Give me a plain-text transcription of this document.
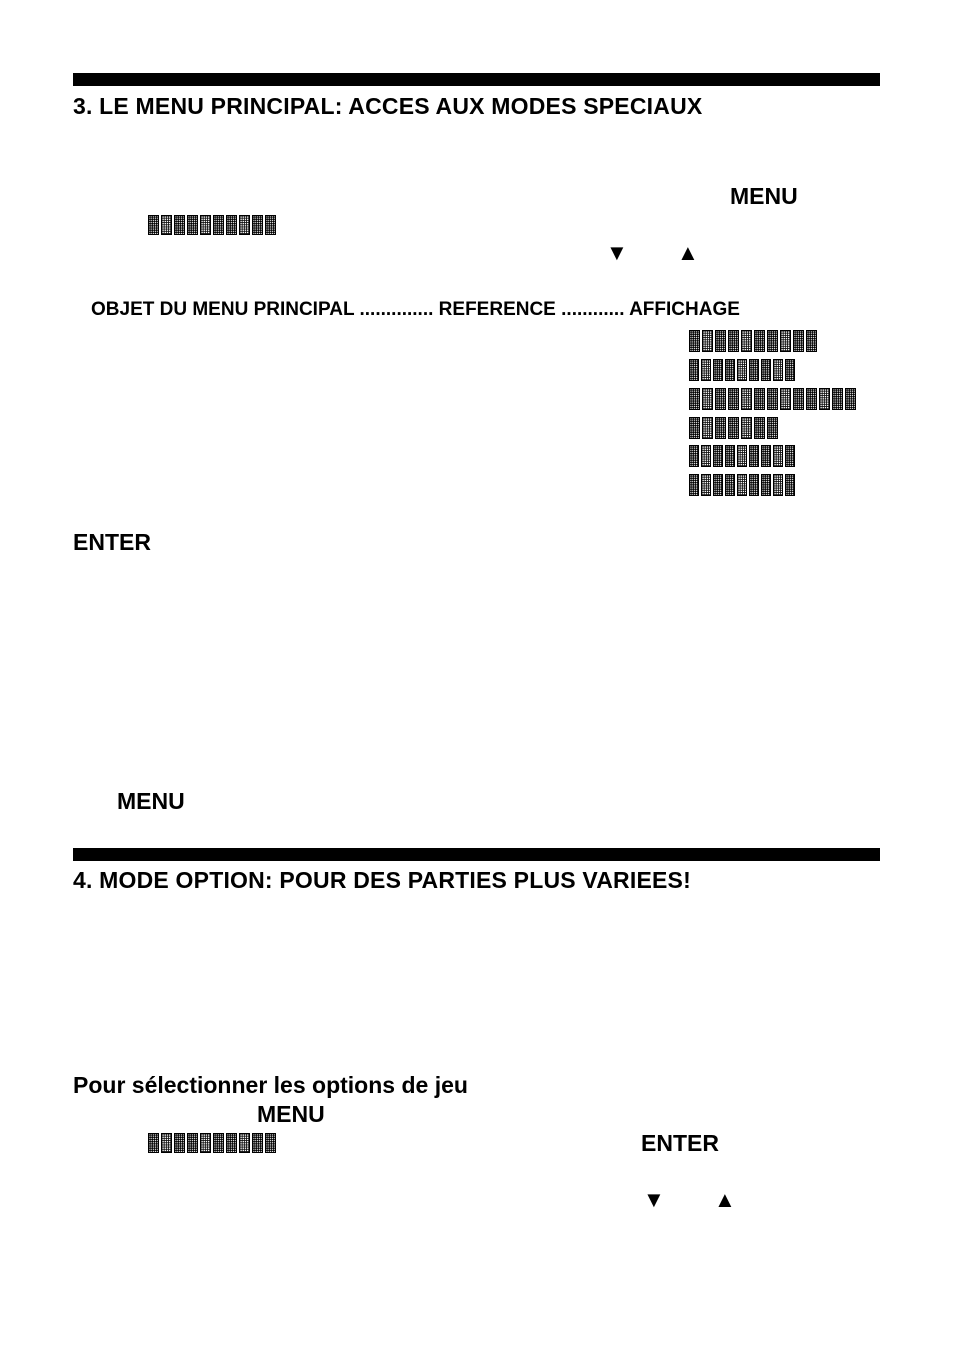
3. LE MENU PRINCIPAL: ACCES AUX MODES SPECIAUX
MENU
▼ ▲
OBJET DU MENU PRINCIPAL .............. REFERENCE ............ AFFICHAGE
ENTER
MENU
4. MODE OPTION: POUR DES PARTIES PLUS VARIEES!
Pour sélectionner les options de jeu
MENU
ENTER
▼ ▲
